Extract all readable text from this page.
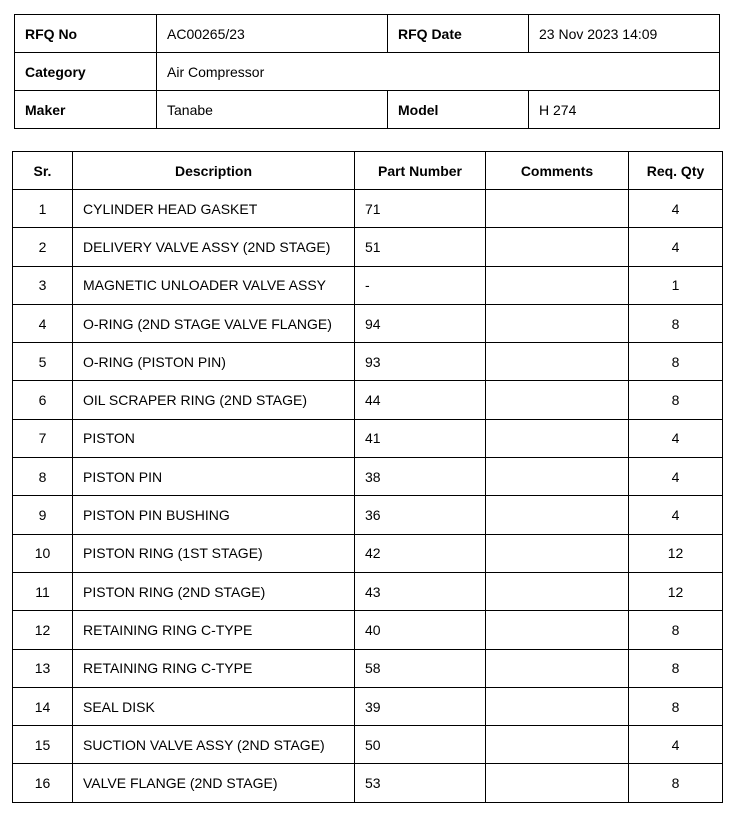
RFQ No	AC00265/23	RFQ Date	23 Nov 2023 14:09
Category	Air Compressor		
Maker	Tanabe	Model	H 274
Sr.	Description	Part Number	Comments	Req. Qty
1	CYLINDER HEAD GASKET	71		4
2	DELIVERY VALVE ASSY (2ND STAGE)	51		4
3	MAGNETIC UNLOADER VALVE ASSY	-		1
4	O-RING (2ND STAGE VALVE FLANGE)	94		8
5	O-RING (PISTON PIN)	93		8
6	OIL SCRAPER RING (2ND STAGE)	44		8
7	PISTON	41		4
8	PISTON PIN	38		4
9	PISTON PIN BUSHING	36		4
10	PISTON RING (1ST STAGE)	42		12
11	PISTON RING (2ND STAGE)	43		12
12	RETAINING RING C-TYPE	40		8
13	RETAINING RING C-TYPE	58		8
14	SEAL DISK	39		8
15	SUCTION VALVE ASSY (2ND STAGE)	50		4
16	VALVE FLANGE (2ND STAGE)	53		8
